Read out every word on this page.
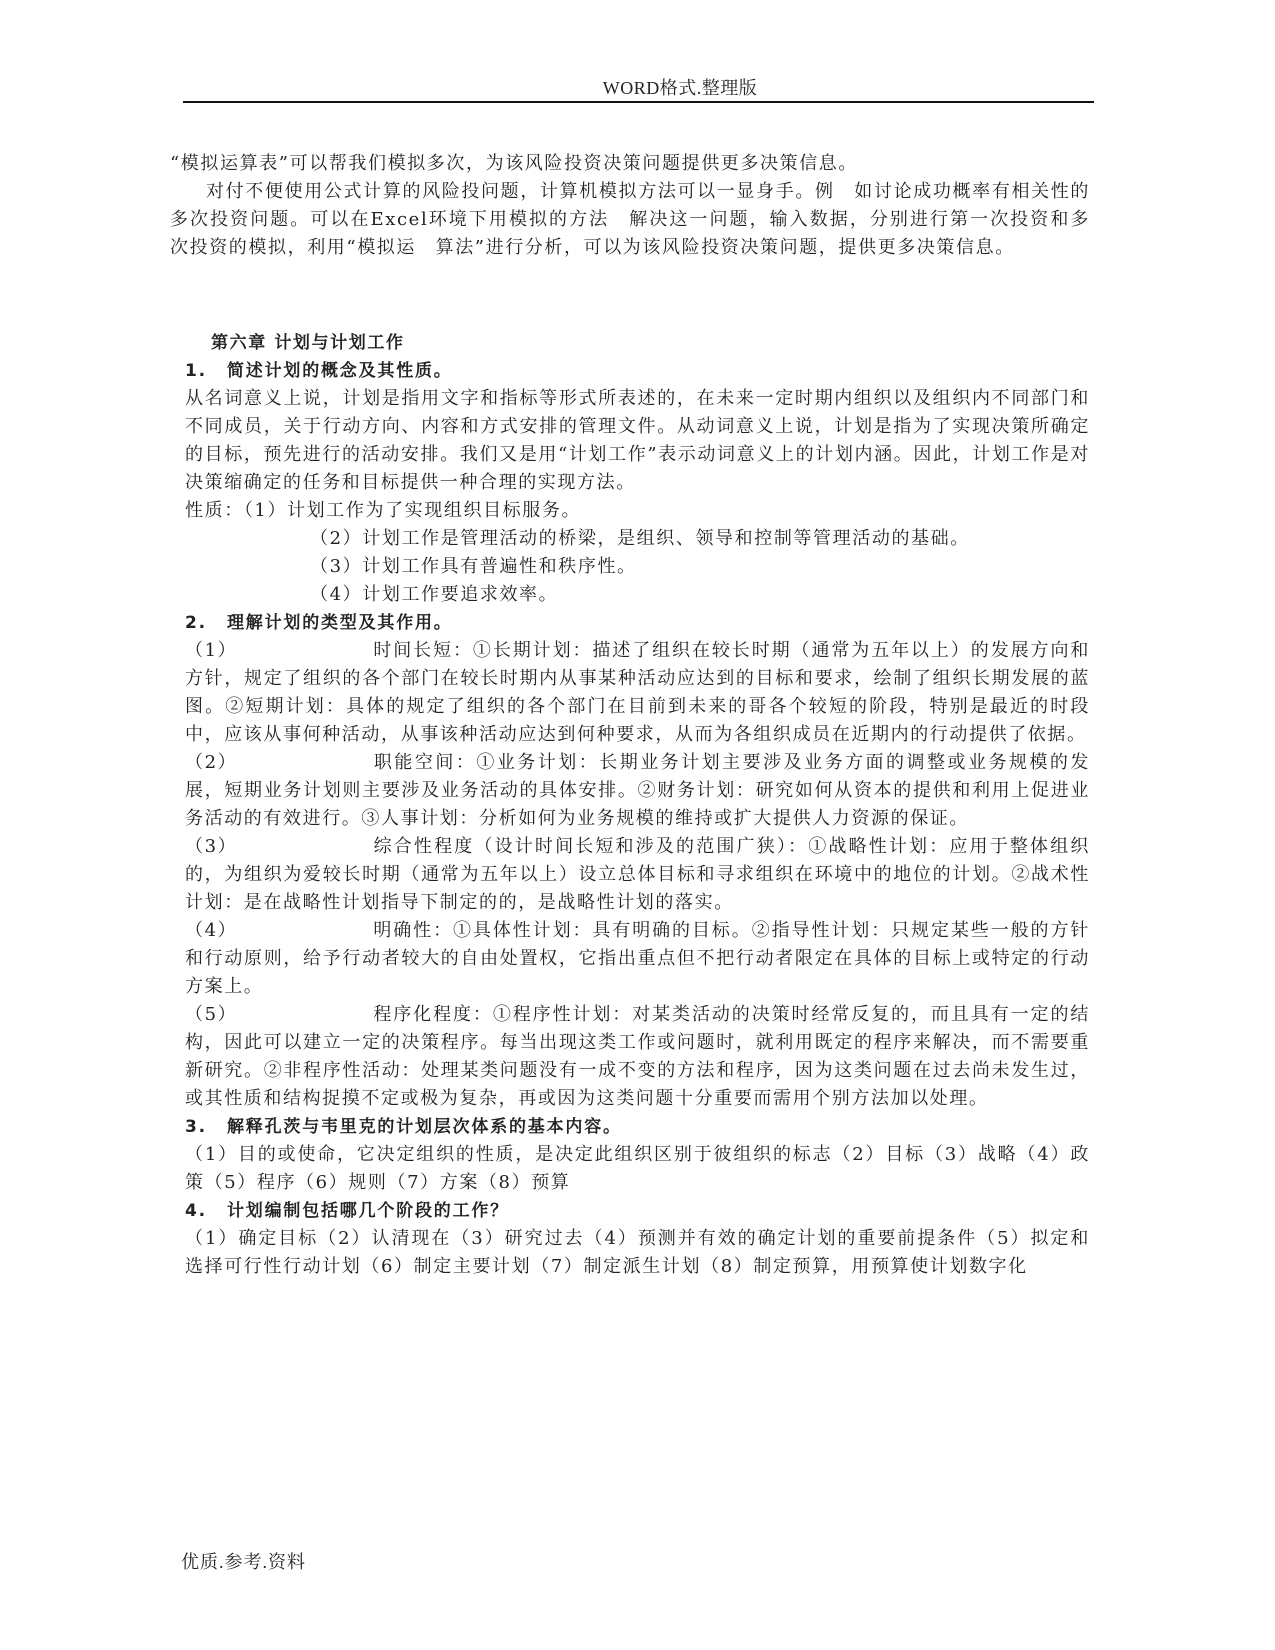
WORD格式.整理版

“模拟运算表”可以帮我们模拟多次，为该风险投资决策问题提供更多决策信息。

对付不便使用公式计算的风险投问题，计算机模拟方法可以一显身手。例　如讨论成功概率有相关性的多次投资问题。可以在Excel环境下用模拟的方法　解决这一问题，输入数据，分别进行第一次投资和多次投资的模拟，利用“模拟运　算法”进行分析，可以为该风险投资决策问题，提供更多决策信息。

第六章 计划与计划工作

1. 简述计划的概念及其性质。

从名词意义上说，计划是指用文字和指标等形式所表述的，在未来一定时期内组织以及组织内不同部门和不同成员，关于行动方向、内容和方式安排的管理文件。从动词意义上说，计划是指为了实现决策所确定的目标，预先进行的活动安排。我们又是用“计划工作”表示动词意义上的计划内涵。因此，计划工作是对决策缩确定的任务和目标提供一种合理的实现方法。

性质：（1）计划工作为了实现组织目标服务。

（2）计划工作是管理活动的桥梁，是组织、领导和控制等管理活动的基础。

（3）计划工作具有普遍性和秩序性。

（4）计划工作要追求效率。

2. 理解计划的类型及其作用。

（1）	时间长短：①长期计划：描述了组织在较长时期（通常为五年以上）的发展方向和方针，规定了组织的各个部门在较长时期内从事某种活动应达到的目标和要求，绘制了组织长期发展的蓝图。②短期计划：具体的规定了组织的各个部门在目前到未来的哥各个较短的阶段，特别是最近的时段中，应该从事何种活动，从事该种活动应达到何种要求，从而为各组织成员在近期内的行动提供了依据。

（2）	职能空间：①业务计划：长期业务计划主要涉及业务方面的调整或业务规模的发展，短期业务计划则主要涉及业务活动的具体安排。②财务计划：研究如何从资本的提供和利用上促进业务活动的有效进行。③人事计划：分析如何为业务规模的维持或扩大提供人力资源的保证。

（3）	综合性程度（设计时间长短和涉及的范围广狭）：①战略性计划：应用于整体组织的，为组织为爱较长时期（通常为五年以上）设立总体目标和寻求组织在环境中的地位的计划。②战术性计划：是在战略性计划指导下制定的的，是战略性计划的落实。

（4）	明确性：①具体性计划：具有明确的目标。②指导性计划：只规定某些一般的方针和行动原则，给予行动者较大的自由处置权，它指出重点但不把行动者限定在具体的目标上或特定的行动方案上。

（5）	程序化程度：①程序性计划：对某类活动的决策时经常反复的，而且具有一定的结构，因此可以建立一定的决策程序。每当出现这类工作或问题时，就利用既定的程序来解决，而不需要重新研究。②非程序性活动：处理某类问题没有一成不变的方法和程序，因为这类问题在过去尚未发生过，或其性质和结构捉摸不定或极为复杂，再或因为这类问题十分重要而需用个别方法加以处理。

3. 解释孔茨与韦里克的计划层次体系的基本内容。

（1）目的或使命，它决定组织的性质，是决定此组织区别于彼组织的标志（2）目标（3）战略（4）政策（5）程序（6）规则（7）方案（8）预算

4. 计划编制包括哪几个阶段的工作？

（1）确定目标（2）认清现在（3）研究过去（4）预测并有效的确定计划的重要前提条件（5）拟定和选择可行性行动计划（6）制定主要计划（7）制定派生计划（8）制定预算，用预算使计划数字化

优质.参考.资料
